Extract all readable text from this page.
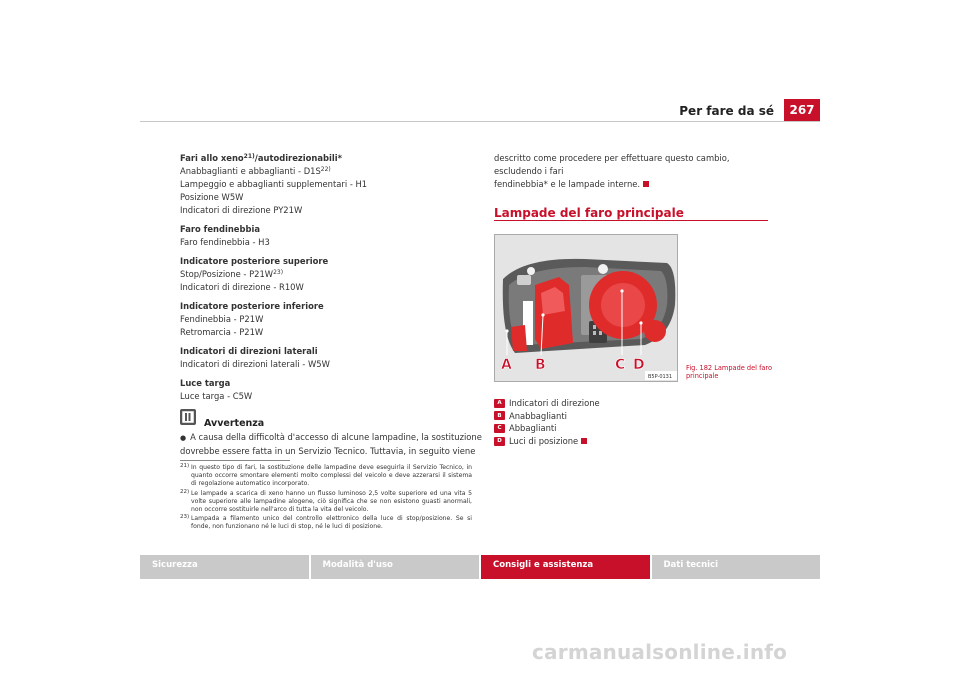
Per fare da sé	267
Fari allo xeno$^{21)}$/autodirezionabili*
Anabbaglianti e abbaglianti - $D1S^{22)}$
Lampeggio e abbaglianti supplementari - H1
Posizione W5W
Indicatori di direzione PY21W
Faro fendinebbia
Faro fendinebbia - H3
Indicatore posteriore superiore
Stop/Posizione - $P21W^{23)}$
Indicatori di direzione - R10W
Indicatore posteriore inferiore
Fendinebbia - P21W
Retromarcia - P21W
Indicatori di direzioni laterali
Indicatori di direzioni laterali - W5W
Luce targa
Luce targa - C5W
Avvertenza
● A causa della difficoltà d'accesso di alcune lampadine, la sostituzione
dovrebbe essere fatta in un Servizio Tecnico. Tuttavia, in seguito viene
21) In questo tipo di fari, la sostituzione delle lampadine deve eseguirla il Servizio Tecnico, in quanto occorre smontare elementi molto complessi del veicolo e deve azzerarsi il sistema di regolazione automatico incorporato.
22) Le lampade a scarica di xeno hanno un flusso luminoso 2,5 volte superiore ed una vita 5 volte superiore alle lampadine alogene, ciò significa che se non esistono guasti anormali, non occorre sostituirle nell'arco di tutta la vita del veicolo.
23) Lampada a filamento unico del controllo elettronico della luce di stop/posizione. Se si fonde, non funzionano né le luci di stop, né le luci di posizione.
descritto come procedere per effettuare questo cambio, escludendo i fari
fendinebbia* e le lampade interne.
Lampade del faro principale
A B	C D
B5P-0131
Fig. 182 Lampade del faro principale
A Indicatori di direzione
B Anabbaglianti
C Abbaglianti
D Luci di posizione
Sicurezza	Modalità d'uso	Consigli e assistenza	Dati tecnici
carmanualsonline.info
